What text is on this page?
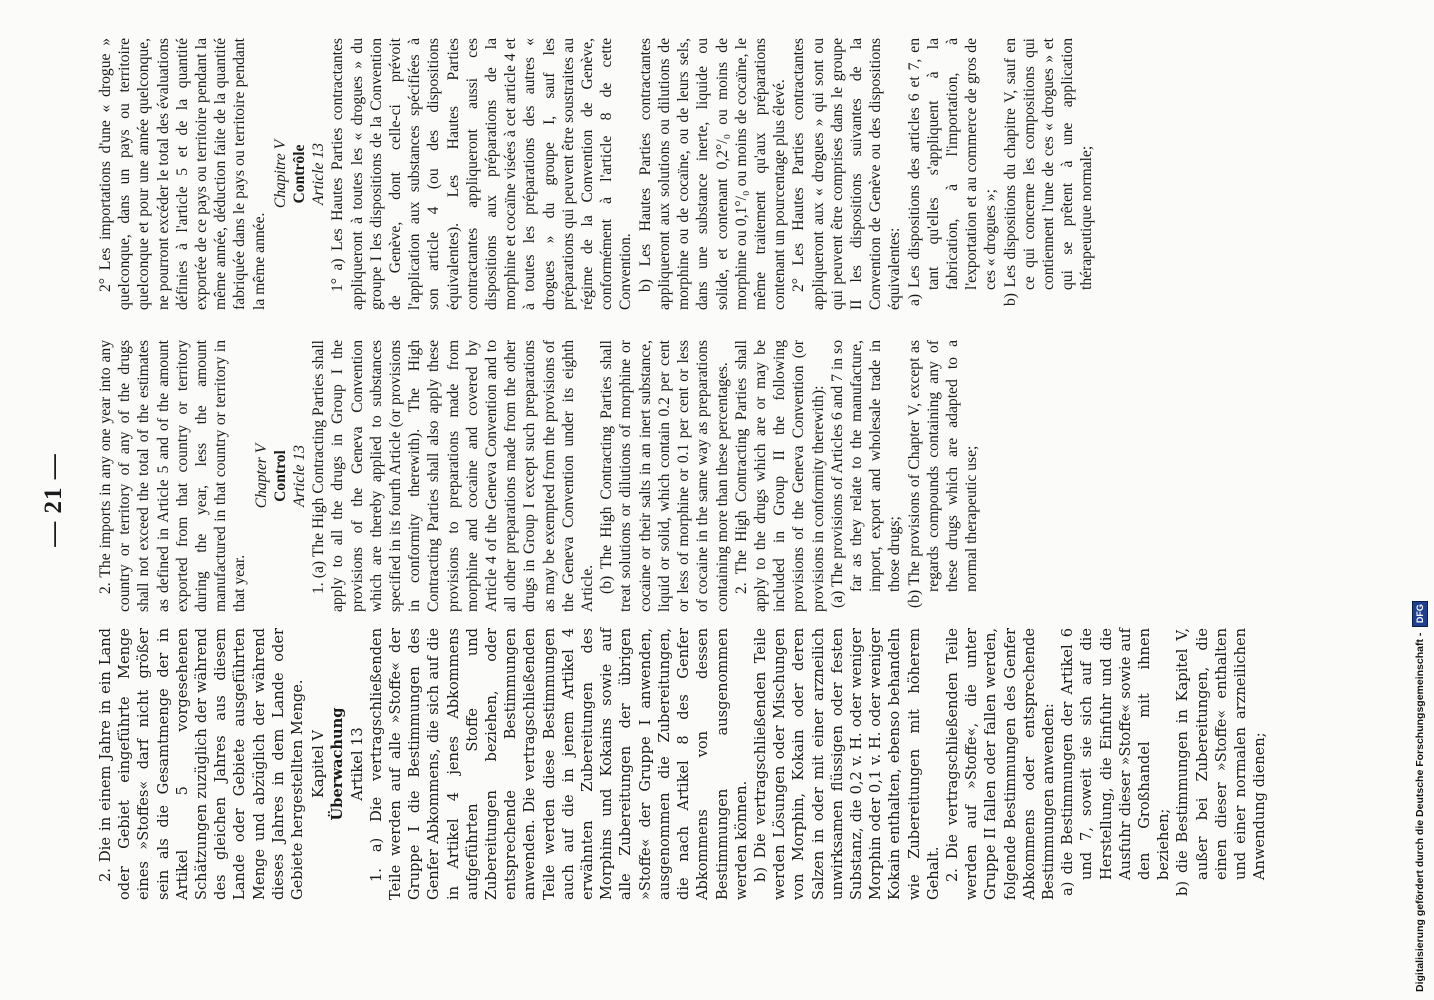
— 21 —

2° Les importations d'une « drogue » quelconque, dans un pays ou territoire quelconque et pour une année quelconque, ne pourront excéder le total des évaluations définies à l'article 5 et de la quantité exportée de ce pays ou territoire pendant la même année, déduction faite de la quantité fabriquée dans le pays ou territoire pendant la même année.

Chapitre V Contrôle Article 13 1° a) Les Hautes Parties contractantes appliqueront à toutes les « drogues » du groupe I les dispositions de la Convention de Genève, dont celle-ci prévoit l'application aux substances spécifiées à son article 4 (ou des dispositions équivalentes). Les Hautes Parties contractantes appliqueront aussi ces dispositions aux préparations de la morphine et cocaïne visées à cet article 4 et à toutes les préparations des autres « drogues » du groupe I, sauf les préparations qui peuvent être soustraites au régime de la Convention de Genève, conformément à l'article 8 de cette Convention. b) Les Hautes Parties contractantes appliqueront aux solutions ou dilutions de morphine ou de cocaïne, ou de leurs sels, dans une substance inerte, liquide ou solide, et contenant 0,2°/₀ ou moins de morphine ou 0,1°/₀ ou moins de cocaïne, le même traitement qu'aux préparations contenant un pourcentage plus élevé. 2° Les Hautes Parties contractantes appliqueront aux « drogues » qui sont ou qui peuvent être comprises dans le groupe II les dispositions suivantes de la Convention de Genève ou des dispositions équivalentes: a) Les dispositions des articles 6 et 7, en tant qu'elles s'appliquent à la fabrication, à l'importation, à l'exportation et au commerce de gros de ces « drogues »; b) Les dispositions du chapitre V, sauf en ce qui concerne les compositions qui contiennent l'une de ces « drogues » et qui se prêtent à une application thérapeutique normale;

2. The imports in any one year into any country or territory of any of the drugs shall not exceed the total of the estimates as defined in Article 5 and of the amount exported from that country or territory during the year, less the amount manufactured in that country or territory in that year.

Chapter V Control Article 13 1. (a) The High Contracting Parties shall apply to all the drugs in Group I the provisions of the Geneva Convention which are thereby applied to substances specified in its fourth Article (or provisions in conformity therewith). The High Contracting Parties shall also apply these provisions to preparations made from morphine and cocaine and covered by Article 4 of the Geneva Convention and to all other preparations made from the other drugs in Group I except such preparations as may be exempted from the provisions of the Geneva Convention under its eighth Article. (b) The High Contracting Parties shall treat solutions or dilutions of morphine or cocaine or their salts in an inert substance, liquid or solid, which contain 0.2 per cent or less of morphine or 0.1 per cent or less of cocaine in the same way as preparations containing more than these percentages. 2. The High Contracting Parties shall apply to the drugs which are or may be included in Group II the following provisions of the Geneva Convention (or provisions in conformity therewith): (a) The provisions of Articles 6 and 7 in so far as they relate to the manufacture, import, export and wholesale trade in those drugs; (b) The provisions of Chapter V, except as regards compounds containing any of these drugs which are adapted to a normal therapeutic use;

2. Die in einem Jahre in ein Land oder Gebiet eingeführte Menge eines »Stoffes« darf nicht größer sein als die Gesamtmenge der in Artikel 5 vorgesehenen Schätzungen zuzüglich der während des gleichen Jahres aus diesem Lande oder Gebiete ausgeführten Menge und abzüglich der während dieses Jahres in dem Lande oder Gebiete hergestellten Menge. Kapitel V Überwachung Artikel 13 1. a) Die vertragschließenden Teile werden auf alle »Stoffe« der Gruppe I die Bestimmungen des Genfer Abkommens, die sich auf die in Artikel 4 jenes Abkommens aufgeführten Stoffe und Zubereitungen beziehen, oder entsprechende Bestimmungen anwenden. Die vertragschließenden Teile werden diese Bestimmungen auch auf die in jenem Artikel 4 erwähnten Zubereitungen des Morphins und Kokains sowie auf alle Zubereitungen der übrigen »Stoffe« der Gruppe I anwenden, ausgenommen die Zubereitungen, die nach Artikel 8 des Genfer Abkommens von dessen Bestimmungen ausgenommen werden können. b) Die vertragschließenden Teile werden Lösungen oder Mischungen von Morphin, Kokain oder deren Salzen in oder mit einer arzneilich unwirksamen flüssigen oder festen Substanz, die 0,2 v. H. oder weniger Morphin oder 0,1 v. H. oder weniger Kokain enthalten, ebenso behandeln wie Zubereitungen mit höherem Gehalt. 2. Die vertragschließenden Teile werden auf »Stoffe«, die unter Gruppe II fallen oder fallen werden, folgende Bestimmungen des Genfer Abkommens oder entsprechende Bestimmungen anwenden: a) die Bestimmungen der Artikel 6 und 7, soweit sie sich auf die Herstellung, die Einfuhr und die Ausfuhr dieser »Stoffe« sowie auf den Großhandel mit ihnen beziehen; b) die Bestimmungen in Kapitel V, außer bei Zubereitungen, die einen dieser »Stoffe« enthalten und einer normalen arzneilichen Anwendung dienen;	Digitalisierung gefördert durch die Deutsche Forschungsgemeinschaft -
DFG
